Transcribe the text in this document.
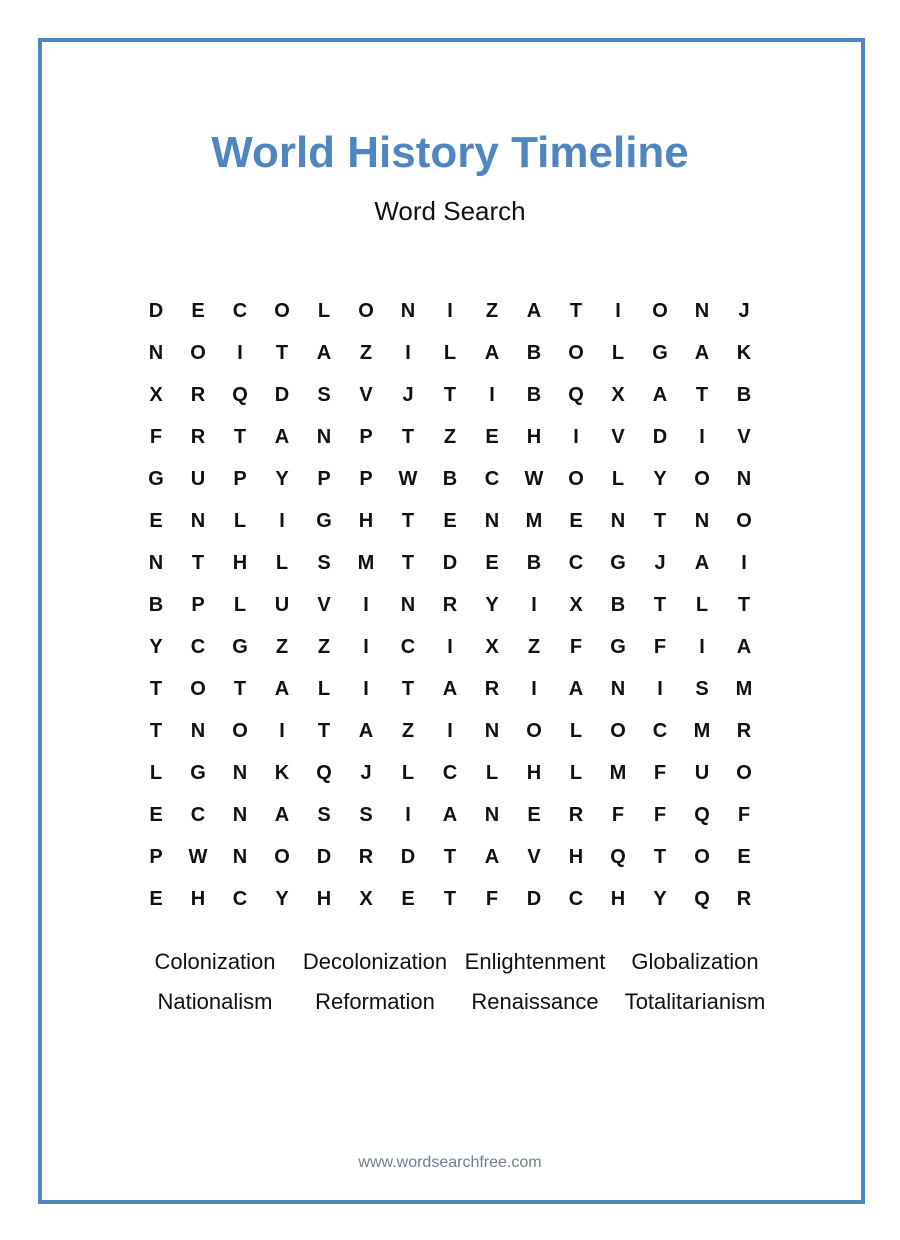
World History Timeline
Word Search
D	E	C	O	L	O	N	I	Z	A	T	I	O	N	J
N	O	I	T	A	Z	I	L	A	B	O	L	G	A	K
X	R	Q	D	S	V	J	T	I	B	Q	X	A	T	B
F	R	T	A	N	P	T	Z	E	H	I	V	D	I	V
G	U	P	Y	P	P	W	B	C	W	O	L	Y	O	N
E	N	L	I	G	H	T	E	N	M	E	N	T	N	O
N	T	H	L	S	M	T	D	E	B	C	G	J	A	I
B	P	L	U	V	I	N	R	Y	I	X	B	T	L	T
Y	C	G	Z	Z	I	C	I	X	Z	F	G	F	I	A
T	O	T	A	L	I	T	A	R	I	A	N	I	S	M
T	N	O	I	T	A	Z	I	N	O	L	O	C	M	R
L	G	N	K	Q	J	L	C	L	H	L	M	F	U	O
E	C	N	A	S	S	I	A	N	E	R	F	F	Q	F
P	W	N	O	D	R	D	T	A	V	H	Q	T	O	E
E	H	C	Y	H	X	E	T	F	D	C	H	Y	Q	R
Colonization	Decolonization Enlightenment	Globalization
Nationalism	Reformation	Renaissance	Totalitarianism
www.wordsearchfree.com
